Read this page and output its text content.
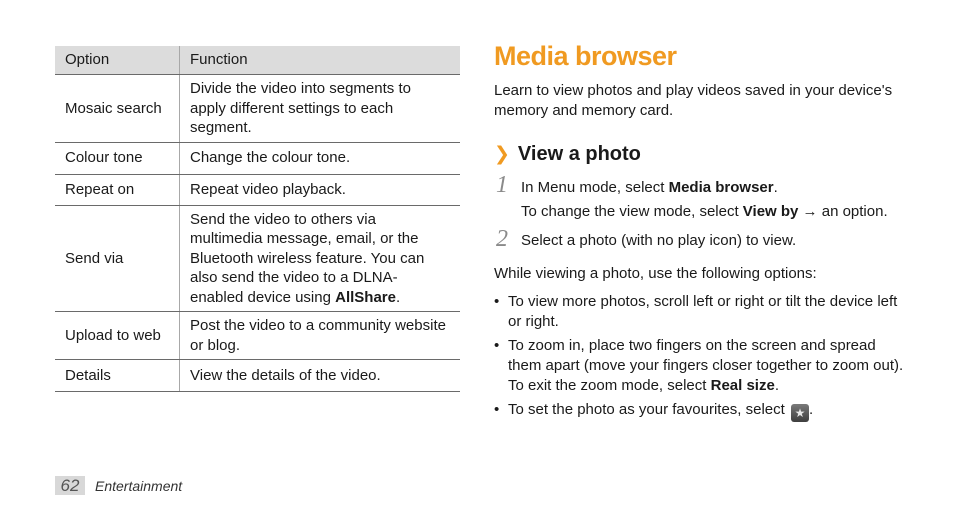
Option	Function
Mosaic search	Divide the video into segments to apply different settings to each segment.
Colour tone	Change the colour tone.
Repeat on	Repeat video playback.
Send via	Send the video to others via multimedia message, email, or the Bluetooth wireless feature. You can also send the video to a DLNA-enabled device using AllShare.
Upload to web	Post the video to a community website or blog.
Details	View the details of the video.
Media browser

Learn to view photos and play videos saved in your device's memory and memory card.

❯ View a photo
1 In Menu mode, select Media browser.

To change the view mode, select View by → an option.

2 Select a photo (with no play icon) to view.

While viewing a photo, use the following options:

• To view more photos, scroll left or right or tilt the device left or right.
• To zoom in, place two fingers on the screen and spread them apart (move your fingers closer together to zoom out). To exit the zoom mode, select Real size.
• To set the photo as your favourites, select ★ .
62	Entertainment
